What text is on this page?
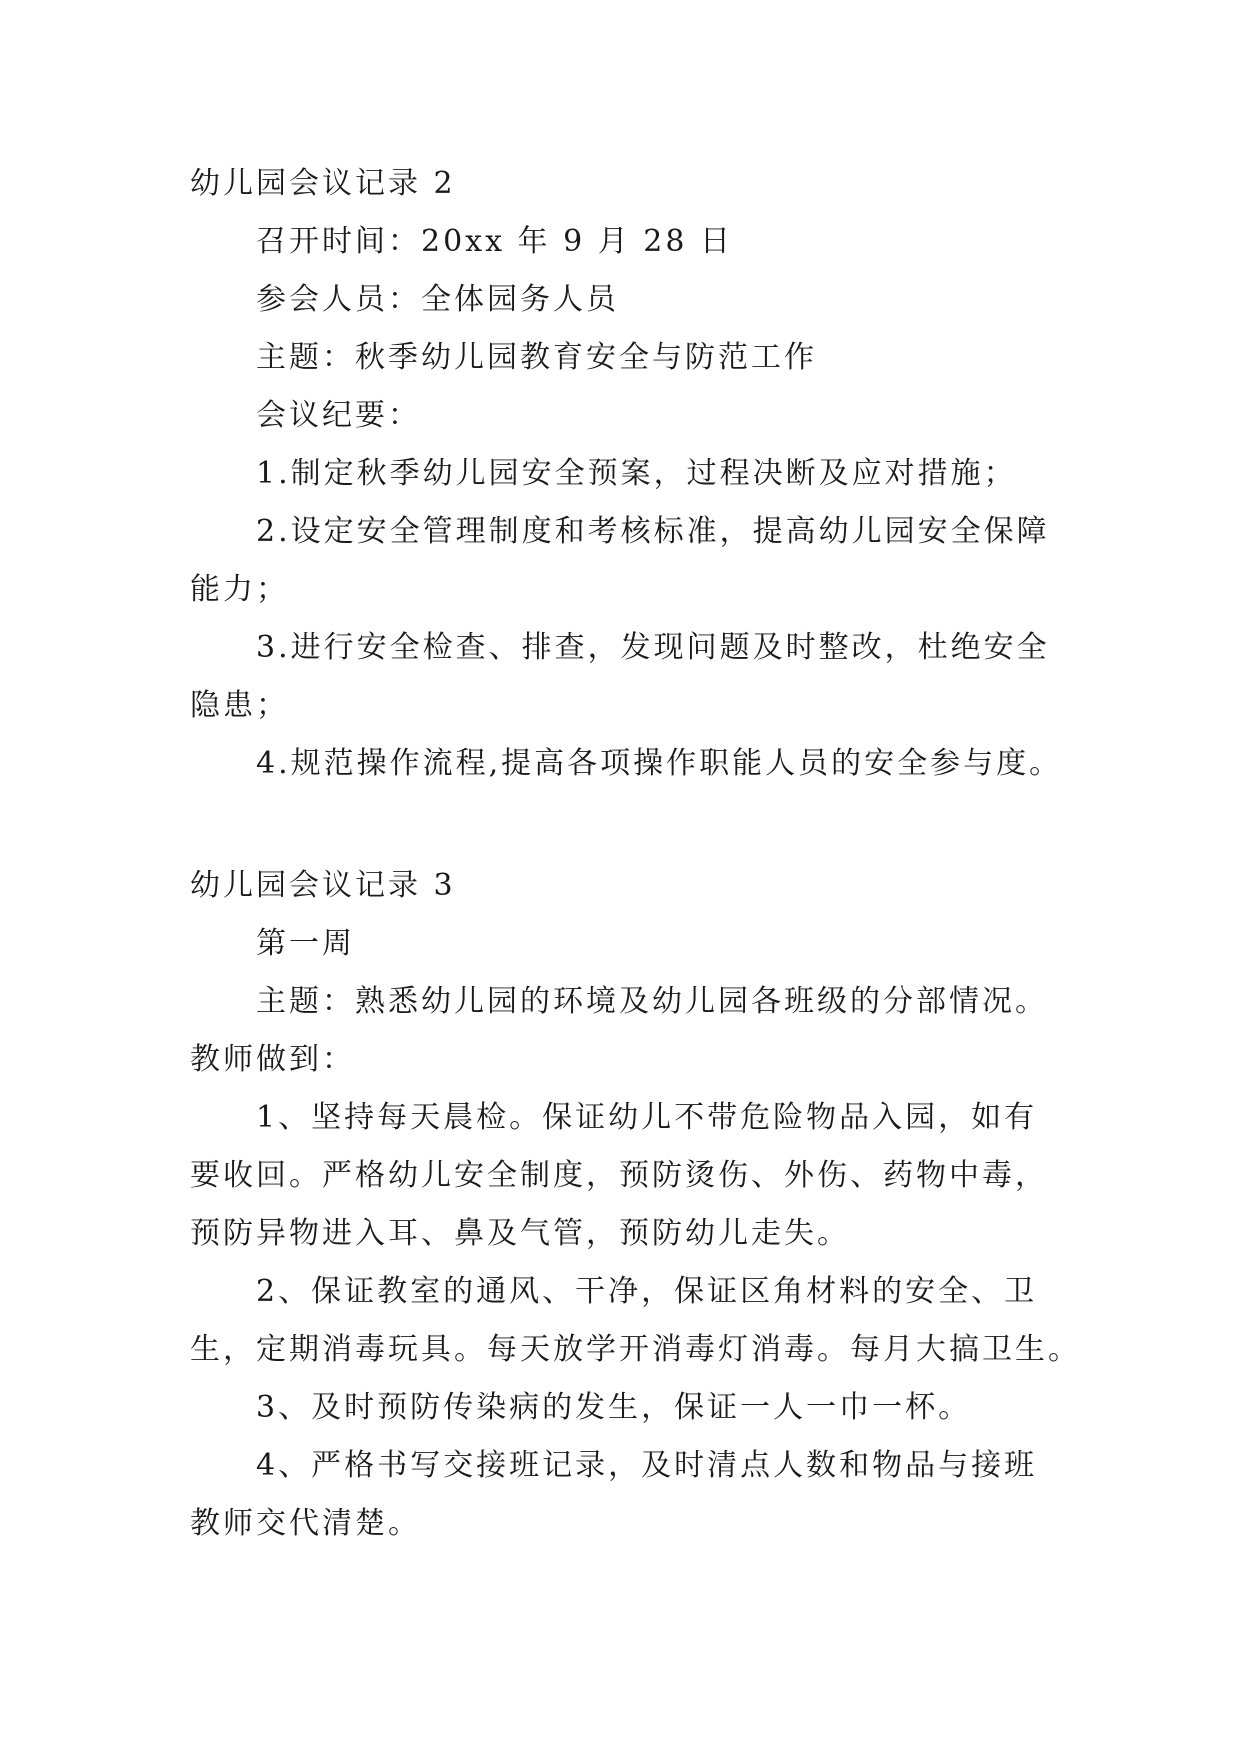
幼儿园会议记录 2
召开时间：20xx 年 9 月 28 日
参会人员：全体园务人员
主题：秋季幼儿园教育安全与防范工作
会议纪要：
1.制定秋季幼儿园安全预案，过程决断及应对措施；
2.设定安全管理制度和考核标准，提高幼儿园安全保障
能力；
3.进行安全检查、排查，发现问题及时整改，杜绝安全
隐患；
4.规范操作流程,提高各项操作职能人员的安全参与度。
幼儿园会议记录 3
第一周
主题：熟悉幼儿园的环境及幼儿园各班级的分部情况。
教师做到：
1、坚持每天晨检。保证幼儿不带危险物品入园，如有
要收回。严格幼儿安全制度，预防烫伤、外伤、药物中毒，
预防异物进入耳、鼻及气管，预防幼儿走失。
2、保证教室的通风、干净，保证区角材料的安全、卫
生，定期消毒玩具。每天放学开消毒灯消毒。每月大搞卫生。
3、及时预防传染病的发生，保证一人一巾一杯。
4、严格书写交接班记录，及时清点人数和物品与接班
教师交代清楚。
